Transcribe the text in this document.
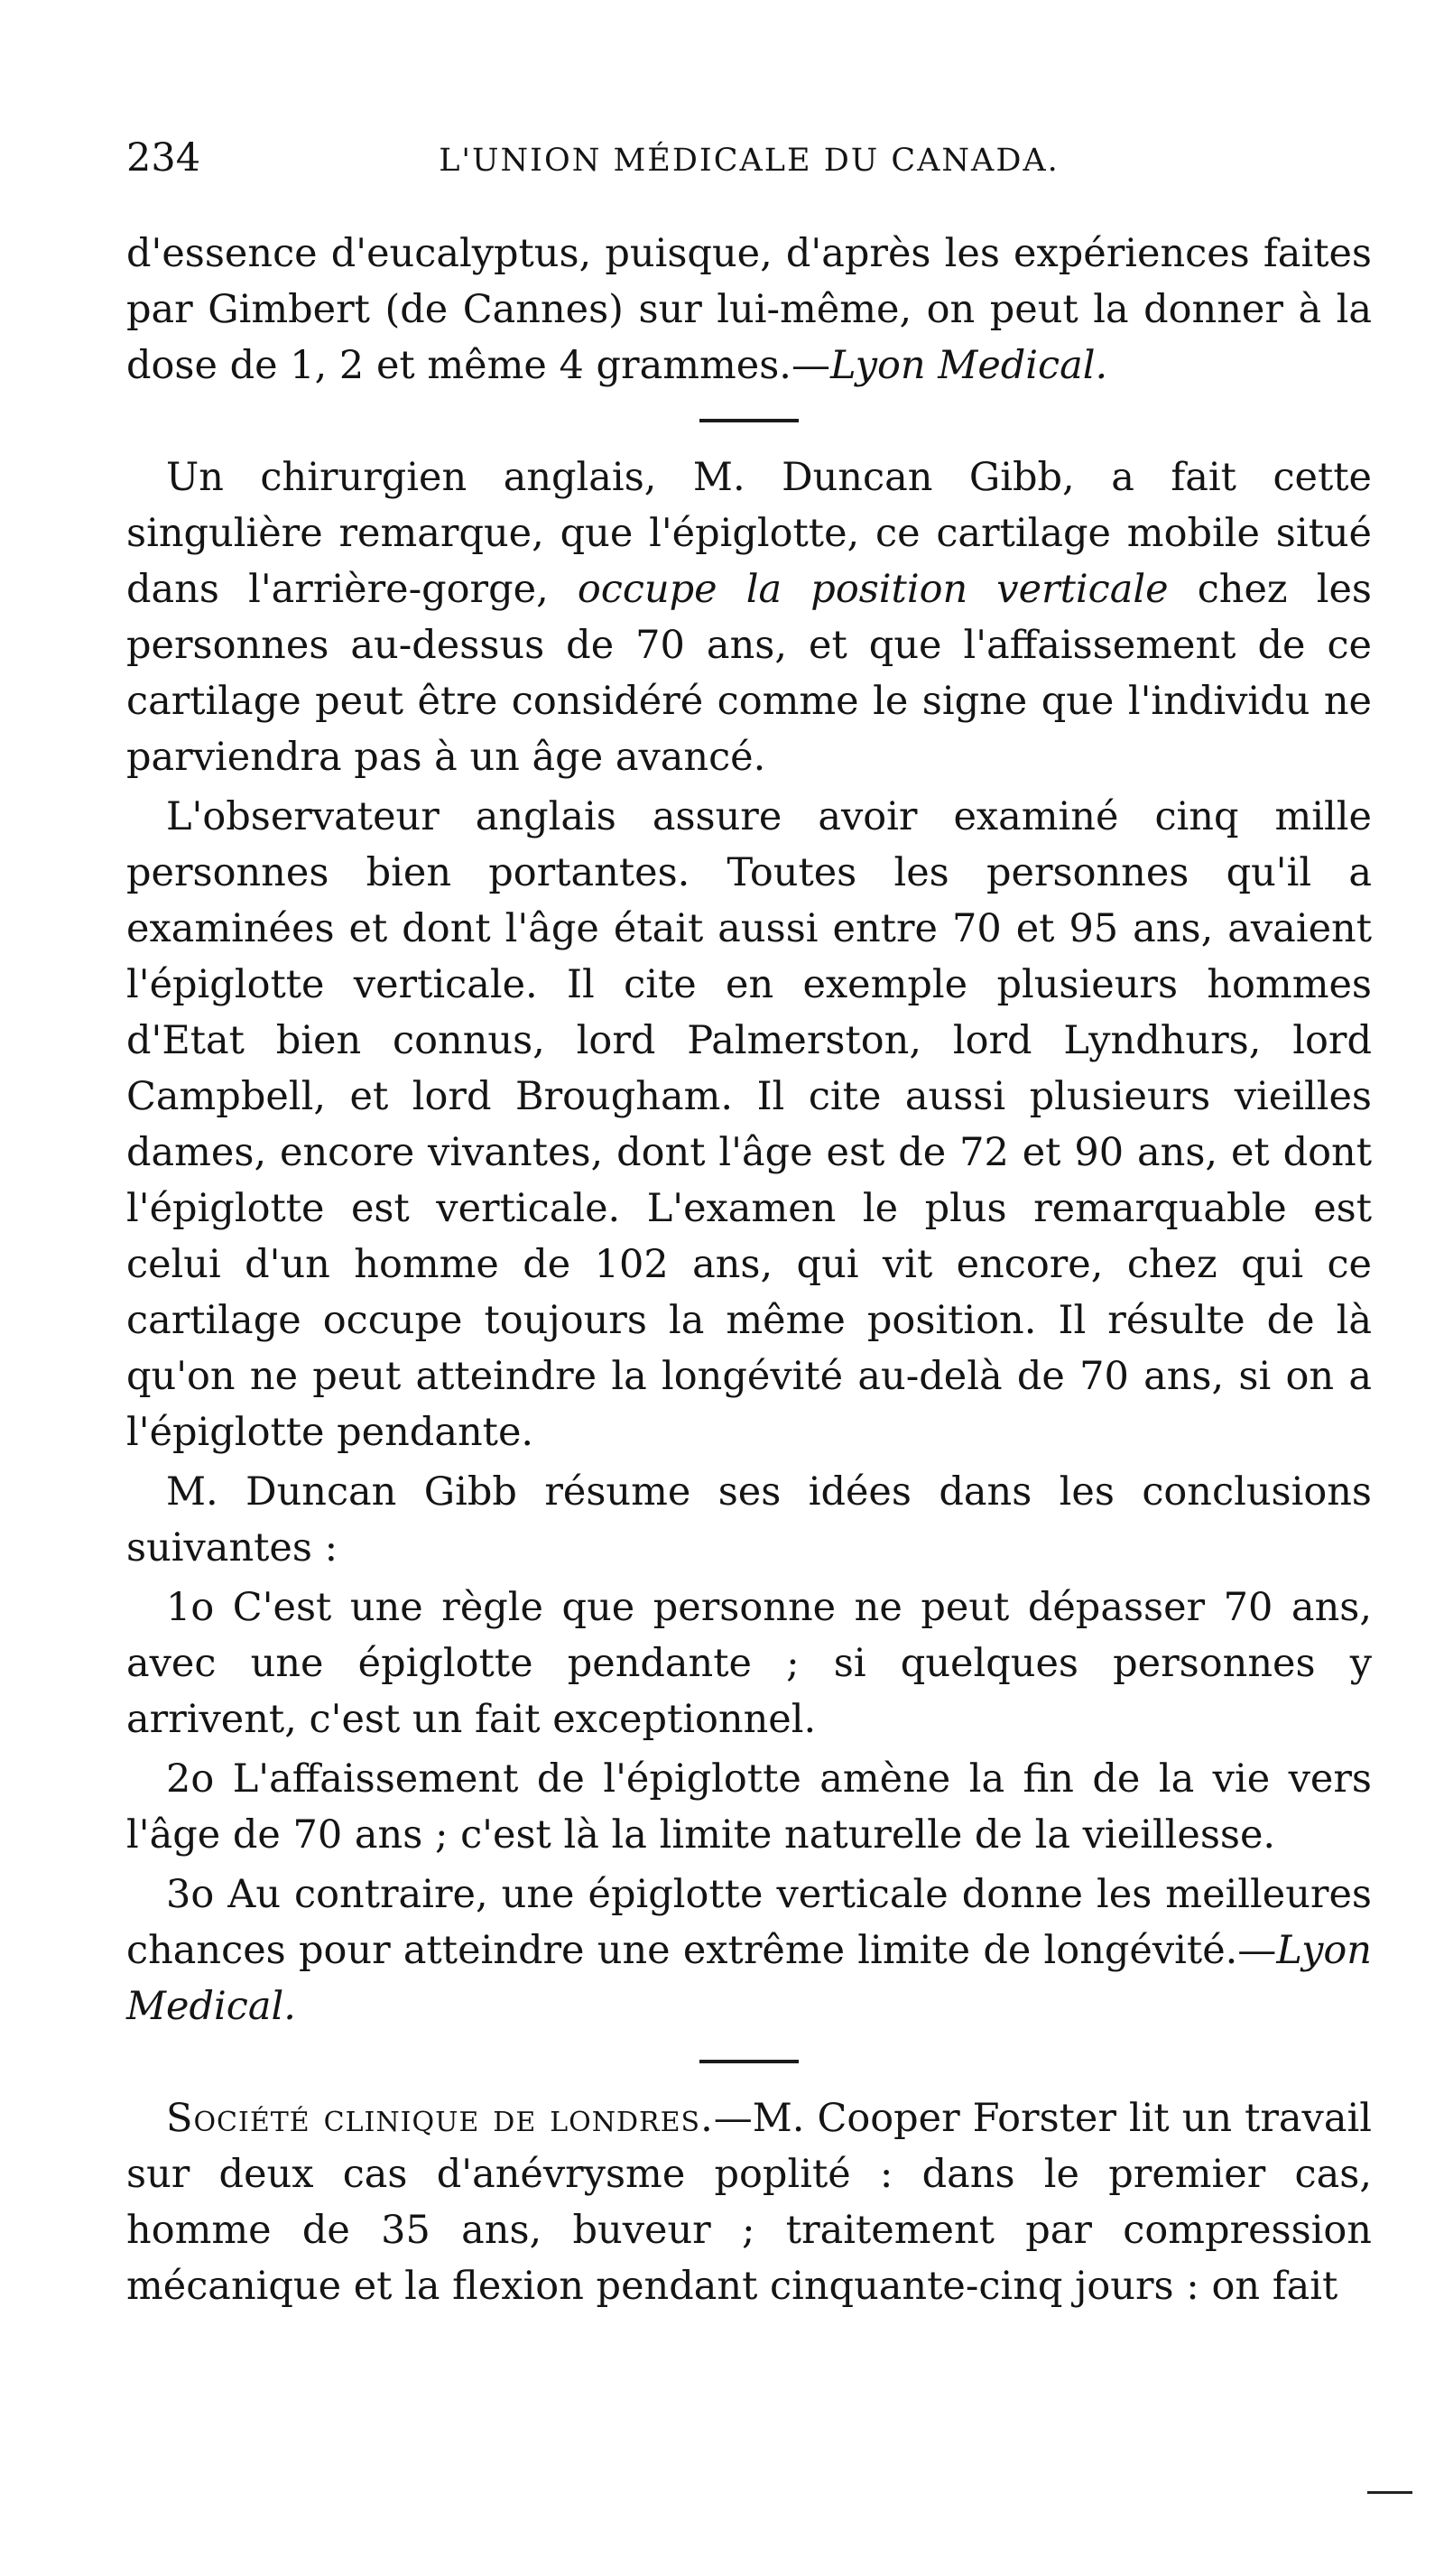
234	L'UNION MÉDICALE DU CANADA.

d'essence d'eucalyptus, puisque, d'après les expériences faites par Gimbert (de Cannes) sur lui-même, on peut la donner à la dose de 1, 2 et même 4 grammes.—Lyon Medical.

Un chirurgien anglais, M. Duncan Gibb, a fait cette singulière remarque, que l'épiglotte, ce cartilage mobile situé dans l'arrière-gorge, occupe la position verticale chez les personnes au-dessus de 70 ans, et que l'affaissement de ce cartilage peut être considéré comme le signe que l'individu ne parviendra pas à un âge avancé.

L'observateur anglais assure avoir examiné cinq mille personnes bien portantes. Toutes les personnes qu'il a examinées et dont l'âge était aussi entre 70 et 95 ans, avaient l'épiglotte verticale. Il cite en exemple plusieurs hommes d'Etat bien connus, lord Palmerston, lord Lyndhurs, lord Campbell, et lord Brougham. Il cite aussi plusieurs vieilles dames, encore vivantes, dont l'âge est de 72 et 90 ans, et dont l'épiglotte est verticale. L'examen le plus remarquable est celui d'un homme de 102 ans, qui vit encore, chez qui ce cartilage occupe toujours la même position. Il résulte de là qu'on ne peut atteindre la longévité au-delà de 70 ans, si on a l'épiglotte pendante.

M. Duncan Gibb résume ses idées dans les conclusions suivantes :

1o C'est une règle que personne ne peut dépasser 70 ans, avec une épiglotte pendante ; si quelques personnes y arrivent, c'est un fait exceptionnel.

2o L'affaissement de l'épiglotte amène la fin de la vie vers l'âge de 70 ans ; c'est là la limite naturelle de la vieillesse.

3o Au contraire, une épiglotte verticale donne les meilleures chances pour atteindre une extrême limite de longévité.—Lyon Medical.

Société clinique de londres.—M. Cooper Forster lit un travail sur deux cas d'anévrysme poplité : dans le premier cas, homme de 35 ans, buveur ; traitement par compression mécanique et la flexion pendant cinquante-cinq jours : on fait
